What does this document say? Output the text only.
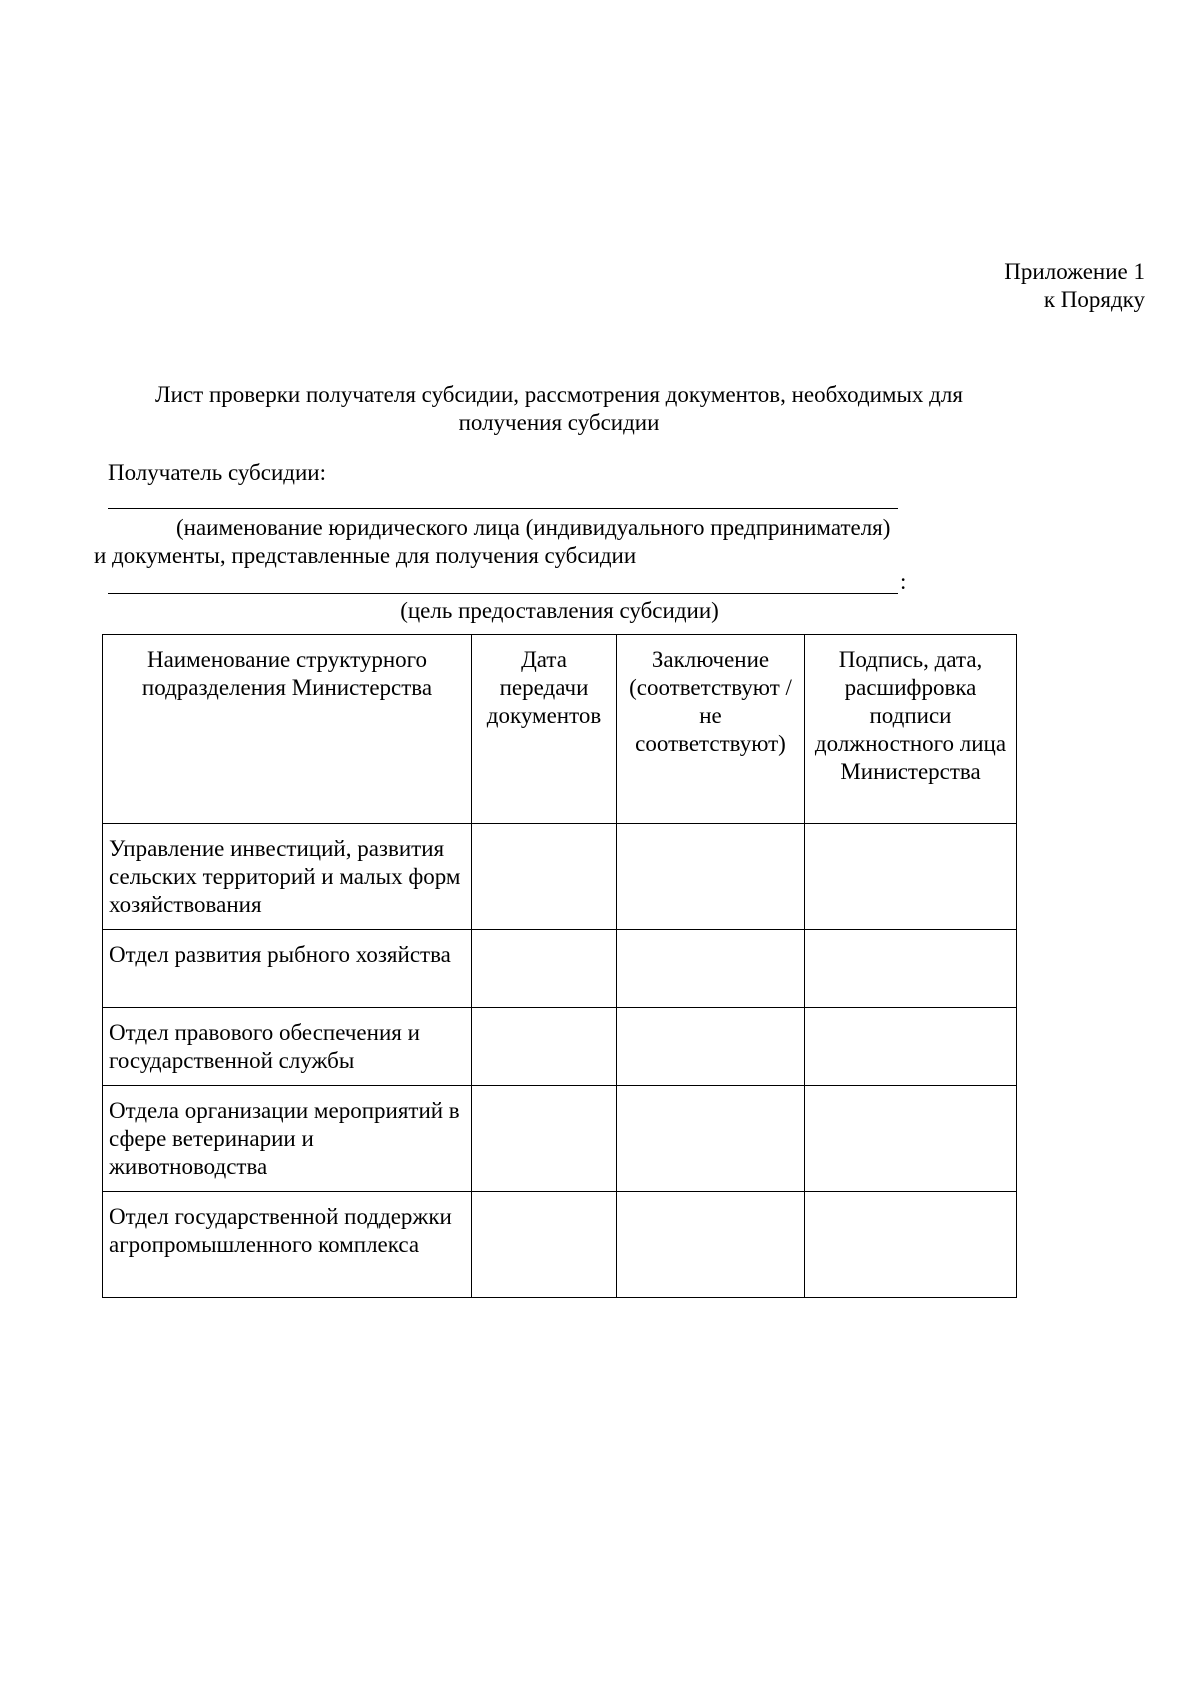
Приложение 1
к Порядку
Лист проверки получателя субсидии, рассмотрения документов, необходимых для получения субсидии
Получатель субсидии:
(наименование юридического лица (индивидуального предпринимателя)
и документы, представленные для получения субсидии
:
(цель предоставления субсидии)
Наименование структурного подразделения Министерства	Дата передачи документов	Заключение (соответствуют / не соответствуют)	Подпись, дата, расшифровка подписи должностного лица Министерства
Управление инвестиций, развития сельских территорий и малых форм хозяйствования			
Отдел развития рыбного хозяйства			
Отдел правового обеспечения и государственной службы			
Отдела организации мероприятий в сфере ветеринарии и животноводства			
Отдел государственной поддержки агропромышленного комплекса			
